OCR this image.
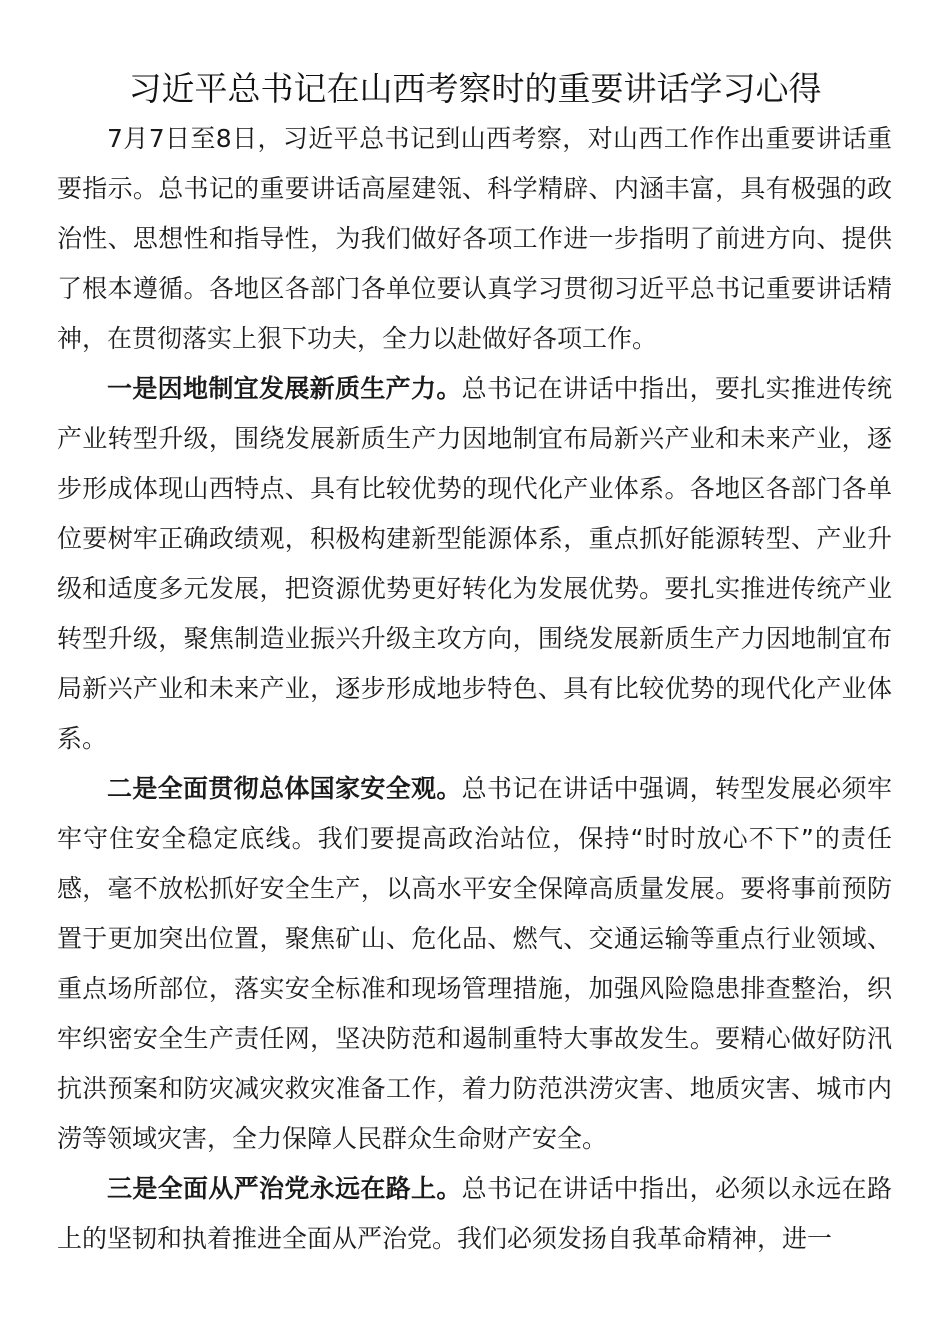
习近平总书记在山西考察时的重要讲话学习心得

7月7日至8日，习近平总书记到山西考察，对山西工作作出重要讲话重要指示。总书记的重要讲话高屋建瓴、科学精辟、内涵丰富，具有极强的政治性、思想性和指导性，为我们做好各项工作进一步指明了前进方向、提供了根本遵循。各地区各部门各单位要认真学习贯彻习近平总书记重要讲话精神，在贯彻落实上狠下功夫，全力以赴做好各项工作。

一是因地制宜发展新质生产力。总书记在讲话中指出，要扎实推进传统产业转型升级，围绕发展新质生产力因地制宜布局新兴产业和未来产业，逐步形成体现山西特点、具有比较优势的现代化产业体系。各地区各部门各单位要树牢正确政绩观，积极构建新型能源体系，重点抓好能源转型、产业升级和适度多元发展，把资源优势更好转化为发展优势。要扎实推进传统产业转型升级，聚焦制造业振兴升级主攻方向，围绕发展新质生产力因地制宜布局新兴产业和未来产业，逐步形成地步特色、具有比较优势的现代化产业体系。

二是全面贯彻总体国家安全观。总书记在讲话中强调，转型发展必须牢牢守住安全稳定底线。我们要提高政治站位，保持“时时放心不下”的责任感，毫不放松抓好安全生产，以高水平安全保障高质量发展。要将事前预防置于更加突出位置，聚焦矿山、危化品、燃气、交通运输等重点行业领域、重点场所部位，落实安全标准和现场管理措施，加强风险隐患排查整治，织牢织密安全生产责任网，坚决防范和遏制重特大事故发生。要精心做好防汛抗洪预案和防灾减灾救灾准备工作，着力防范洪涝灾害、地质灾害、城市内涝等领域灾害，全力保障人民群众生命财产安全。

三是全面从严治党永远在路上。总书记在讲话中指出，必须以永远在路上的坚韧和执着推进全面从严治党。我们必须发扬自我革命精神，进一
